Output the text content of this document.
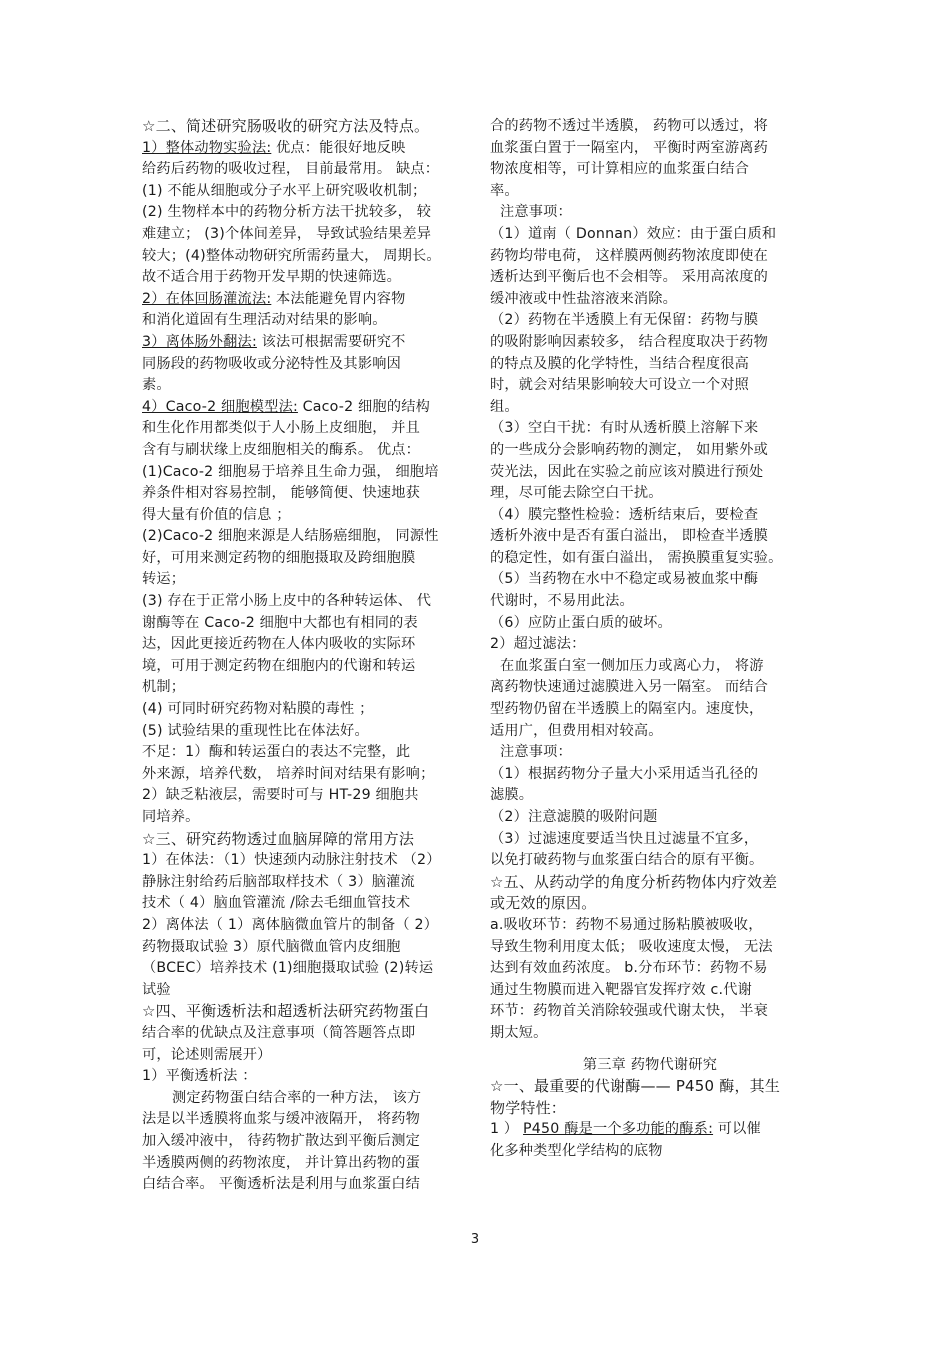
☆二、简述研究肠吸收的研究方法及特点。
1）整体动物实验法: 优点：能很好地反映
给药后药物的吸收过程， 目前最常用。 缺点：
(1) 不能从细胞或分子水平上研究吸收机制；
(2) 生物样本中的药物分析方法干扰较多， 较
难建立； (3)个体间差异， 导致试验结果差异
较大；(4)整体动物研究所需药量大， 周期长。
故不适合用于药物开发早期的快速筛选。
2）在体回肠灌流法: 本法能避免胃内容物
和消化道固有生理活动对结果的影响。
3）离体肠外翻法: 该法可根据需要研究不
同肠段的药物吸收或分泌特性及其影响因
素。
4）Caco-2 细胞模型法: Caco-2 细胞的结构
和生化作用都类似于人小肠上皮细胞， 并且
含有与刷状缘上皮细胞相关的酶系。 优点：
(1)Caco-2 细胞易于培养且生命力强， 细胞培
养条件相对容易控制， 能够简便、快速地获
得大量有价值的信息 ；
(2)Caco-2 细胞来源是人结肠癌细胞， 同源性
好，可用来测定药物的细胞摄取及跨细胞膜
转运；
(3) 存在于正常小肠上皮中的各种转运体、 代
谢酶等在 Caco-2 细胞中大都也有相同的表
达，因此更接近药物在人体内吸收的实际环
境，可用于测定药物在细胞内的代谢和转运
机制；
(4) 可同时研究药物对粘膜的毒性 ；
(5) 试验结果的重现性比在体法好。
不足：1）酶和转运蛋白的表达不完整，此
外来源，培养代数， 培养时间对结果有影响；
2）缺乏粘液层，需要时可与 HT-29 细胞共
同培养。
☆三、研究药物透过血脑屏障的常用方法
1）在体法：（1）快速颈内动脉注射技术 （2）
静脉注射给药后脑部取样技术（ 3）脑灌流
技术（ 4）脑血管灌流 /除去毛细血管技术
2）离体法（ 1）离体脑微血管片的制备（ 2）
药物摄取试验 3）原代脑微血管内皮细胞
（BCEC）培养技术 (1)细胞摄取试验 (2)转运
试验
☆四、平衡透析法和超透析法研究药物蛋白
结合率的优缺点及注意事项（简答题答点即
可，论述则需展开）
1）平衡透析法 ：
测定药物蛋白结合率的一种方法， 该方
法是以半透膜将血浆与缓冲液隔开， 将药物
加入缓冲液中， 待药物扩散达到平衡后测定
半透膜两侧的药物浓度， 并计算出药物的蛋
白结合率。 平衡透析法是利用与血浆蛋白结
合的药物不透过半透膜， 药物可以透过，将
血浆蛋白置于一隔室内， 平衡时两室游离药
物浓度相等，可计算相应的血浆蛋白结合
率。
注意事项：
（1）道南（ Donnan）效应：由于蛋白质和
药物均带电荷， 这样膜两侧药物浓度即使在
透析达到平衡后也不会相等。 采用高浓度的
缓冲液或中性盐溶液来消除。
（2）药物在半透膜上有无保留：药物与膜
的吸附影响因素较多， 结合程度取决于药物
的特点及膜的化学特性，当结合程度很高
时，就会对结果影响较大可设立一个对照
组。
（3）空白干扰：有时从透析膜上溶解下来
的一些成分会影响药物的测定， 如用紫外或
荧光法，因此在实验之前应该对膜进行预处
理，尽可能去除空白干扰。
（4）膜完整性检验：透析结束后，要检查
透析外液中是否有蛋白溢出， 即检查半透膜
的稳定性，如有蛋白溢出， 需换膜重复实验。
（5）当药物在水中不稳定或易被血浆中酶
代谢时，不易用此法。
（6）应防止蛋白质的破坏。
2）超过滤法：
在血浆蛋白室一侧加压力或离心力， 将游
离药物快速通过滤膜进入另一隔室。 而结合
型药物仍留在半透膜上的隔室内。速度快，
适用广，但费用相对较高。
注意事项：
（1）根据药物分子量大小采用适当孔径的
滤膜。
（2）注意滤膜的吸附问题
（3）过滤速度要适当快且过滤量不宜多，
以免打破药物与血浆蛋白结合的原有平衡。
☆五、从药动学的角度分析药物体内疗效差
或无效的原因。
a.吸收环节：药物不易通过肠粘膜被吸收，
导致生物利用度太低； 吸收速度太慢， 无法
达到有效血药浓度。 b.分布环节：药物不易
通过生物膜而进入靶器官发挥疗效 c.代谢
环节：药物首关消除较强或代谢太快， 半衰
期太短。
第三章 药物代谢研究
☆一、最重要的代谢酶—— P450 酶，其生
物学特性：
1 ） P450 酶是一个多功能的酶系: 可以催
化多种类型化学结构的底物
3
